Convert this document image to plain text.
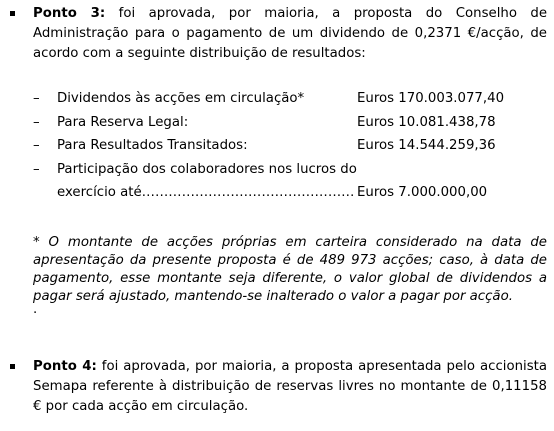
Ponto 3: foi aprovada, por maioria, a proposta do Conselho de Administração para o pagamento de um dividendo de 0,2371 €/acção, de acordo com a seguinte distribuição de resultados:
– Dividendos às acções em circulação*	Euros 170.003.077,40
– Para Reserva Legal:	Euros 10.081.438,78
– Para Resultados Transitados:	Euros 14.544.259,36
– Participação dos colaboradores nos lucros do
exercício até………………………………………… Euros 7.000.000,00
* O montante de acções próprias em carteira considerado na data de apresentação da presente proposta é de 489 973 acções; caso, à data de pagamento, esse montante seja diferente, o valor global de dividendos a pagar será ajustado, mantendo-se inalterado o valor a pagar por acção.
.
Ponto 4: foi aprovada, por maioria, a proposta apresentada pelo accionista Semapa referente à distribuição de reservas livres no montante de 0,11158 € por cada acção em circulação.
